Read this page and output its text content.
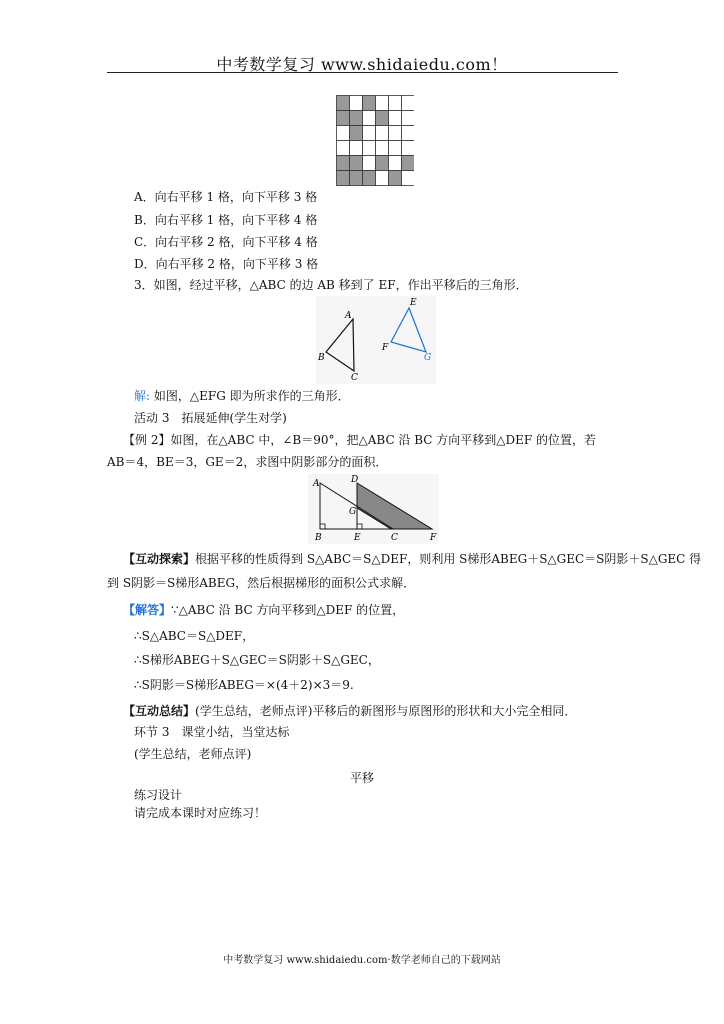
中考数学复习 www.shidaiedu.com！
A．向右平移 1 格，向下平移 3 格
B．向右平移 1 格，向下平移 4 格
C．向右平移 2 格，向下平移 4 格
D．向右平移 2 格，向下平移 3 格
3．如图，经过平移，△ABC 的边 AB 移到了 EF，作出平移后的三角形．
A
B
C
E
F
G
解: 如图，△EFG 即为所求作的三角形．
活动 3　拓展延伸(学生对学)
【例 2】如图，在△ABC 中，∠B＝90°，把△ABC 沿 BC 方向平移到△DEF 的位置，若
AB＝4，BE＝3，GE＝2，求图中阴影部分的面积．
A	D
G
B	E	C	F
【互动探索】根据平移的性质得到 S△ABC＝S△DEF，则利用 S梯形ABEG＋S△GEC＝S阴影＋S△GEC 得
到 S阴影＝S梯形ABEG，然后根据梯形的面积公式求解．
【解答】∵△ABC 沿 BC 方向平移到△DEF 的位置，
∴S△ABC＝S△DEF，
∴S梯形ABEG＋S△GEC＝S阴影＋S△GEC，
∴S阴影＝S梯形ABEG＝×(4＋2)×3＝9.
【互动总结】(学生总结，老师点评)平移后的新图形与原图形的形状和大小完全相同．
环节 3　课堂小结，当堂达标
(学生总结，老师点评)
平移
练习设计
请完成本课时对应练习！
中考数学复习 www.shidaiedu.com·数学老师自己的下载网站
